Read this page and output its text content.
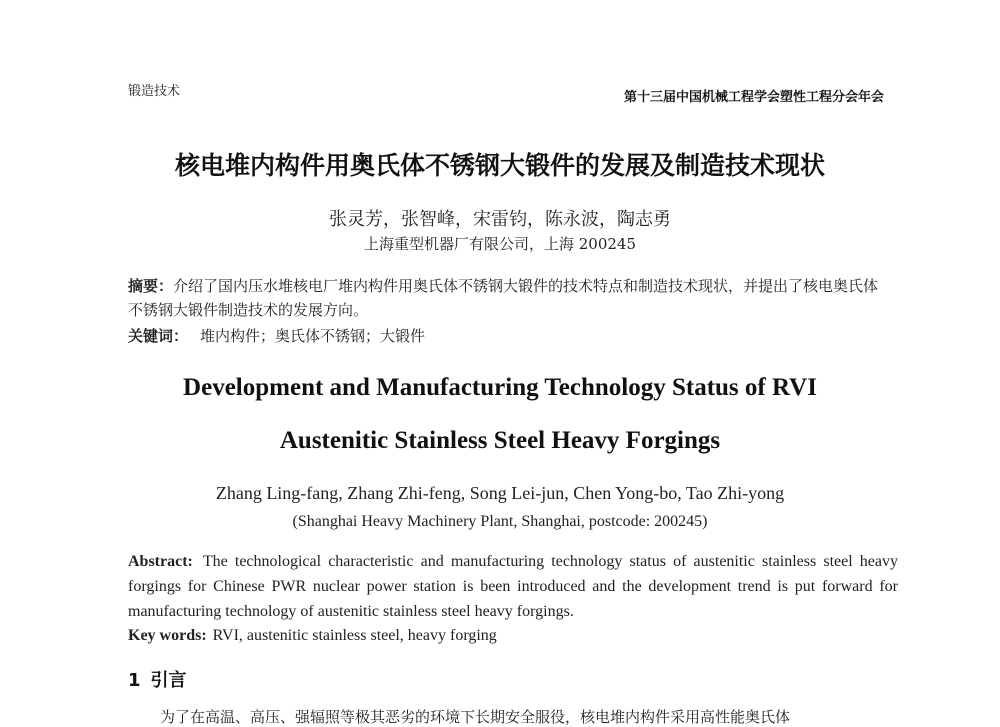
锻造技术	第十三届中国机械工程学会塑性工程分会年会
核电堆内构件用奥氏体不锈钢大锻件的发展及制造技术现状
张灵芳，张智峰，宋雷钧，陈永波，陶志勇
上海重型机器厂有限公司，上海 200245
摘要：介绍了国内压水堆核电厂堆内构件用奥氏体不锈钢大锻件的技术特点和制造技术现状，并提出了核电奥氏体不锈钢大锻件制造技术的发展方向。
关键词： 堆内构件；奥氏体不锈钢；大锻件
Development and Manufacturing Technology Status of RVI
Austenitic Stainless Steel Heavy Forgings
Zhang Ling-fang, Zhang Zhi-feng, Song Lei-jun, Chen Yong-bo, Tao Zhi-yong
(Shanghai Heavy Machinery Plant, Shanghai, postcode: 200245)
Abstract: The technological characteristic and manufacturing technology status of austenitic stainless steel heavy forgings for Chinese PWR nuclear power station is been introduced and the development trend is put forward for manufacturing technology of austenitic stainless steel heavy forgings.
Key words: RVI, austenitic stainless steel, heavy forging
1 引言
为了在高温、高压、强辐照等极其恶劣的环境下长期安全服役，核电堆内构件采用高性能奥氏体
